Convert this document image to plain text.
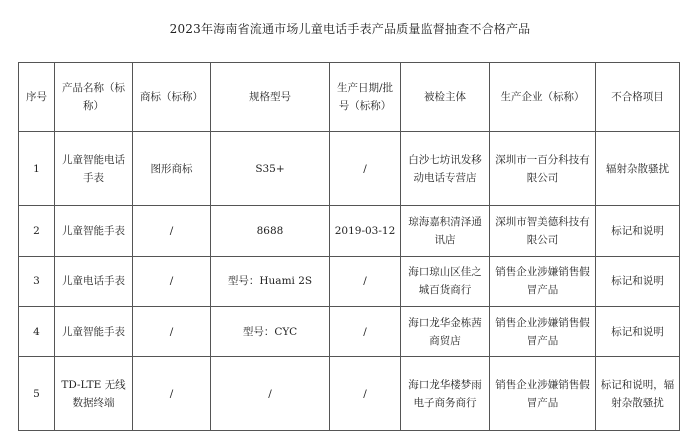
2023年海南省流通市场儿童电话手表产品质量监督抽查不合格产品
序号	产品名称（标称）	商标（标称）	规格型号	生产日期/批号（标称）	被检主体	生产企业（标称）	不合格项目
1	儿童智能电话手表	图形商标	S35+	/	白沙七坊讯发移动电话专营店	深圳市一百分科技有限公司	辐射杂散骚扰
2	儿童智能手表	/	8688	2019-03-12	琼海嘉积清泽通讯店	深圳市智美德科技有限公司	标记和说明
3	儿童电话手表	/	型号：Huami 2S	/	海口琼山区佳之城百货商行	销售企业涉嫌销售假冒产品	标记和说明
4	儿童智能手表	/	型号：CYC	/	海口龙华金栋茜商贸店	销售企业涉嫌销售假冒产品	标记和说明
5	TD-LTE 无线数据终端	/	/	/	海口龙华楼梦雨电子商务商行	销售企业涉嫌销售假冒产品	标记和说明，辐射杂散骚扰
